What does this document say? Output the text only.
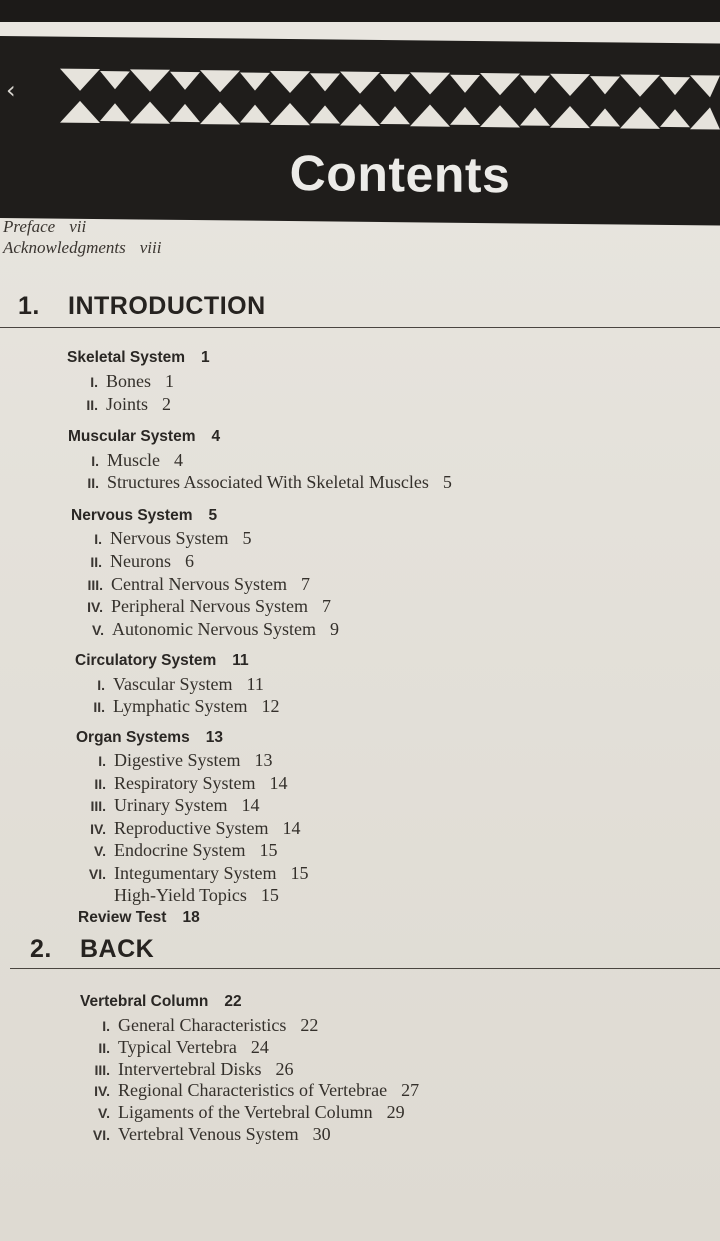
‹
Contents
Preface vii
Acknowledgments viii
1. INTRODUCTION
Skeletal System 1
I. Bones 1
II. Joints 2
Muscular System 4
I. Muscle 4
II. Structures Associated With Skeletal Muscles 5
Nervous System 5
I. Nervous System 5
II. Neurons 6
III. Central Nervous System 7
IV. Peripheral Nervous System 7
V. Autonomic Nervous System 9
Circulatory System 11
I. Vascular System 11
II. Lymphatic System 12
Organ Systems 13
I. Digestive System 13
II. Respiratory System 14
III. Urinary System 14
IV. Reproductive System 14
V. Endocrine System 15
VI. Integumentary System 15
High-Yield Topics 15
Review Test 18
2. BACK
Vertebral Column 22
I. General Characteristics 22
II. Typical Vertebra 24
III. Intervertebral Disks 26
IV. Regional Characteristics of Vertebrae 27
V. Ligaments of the Vertebral Column 29
VI. Vertebral Venous System 30
